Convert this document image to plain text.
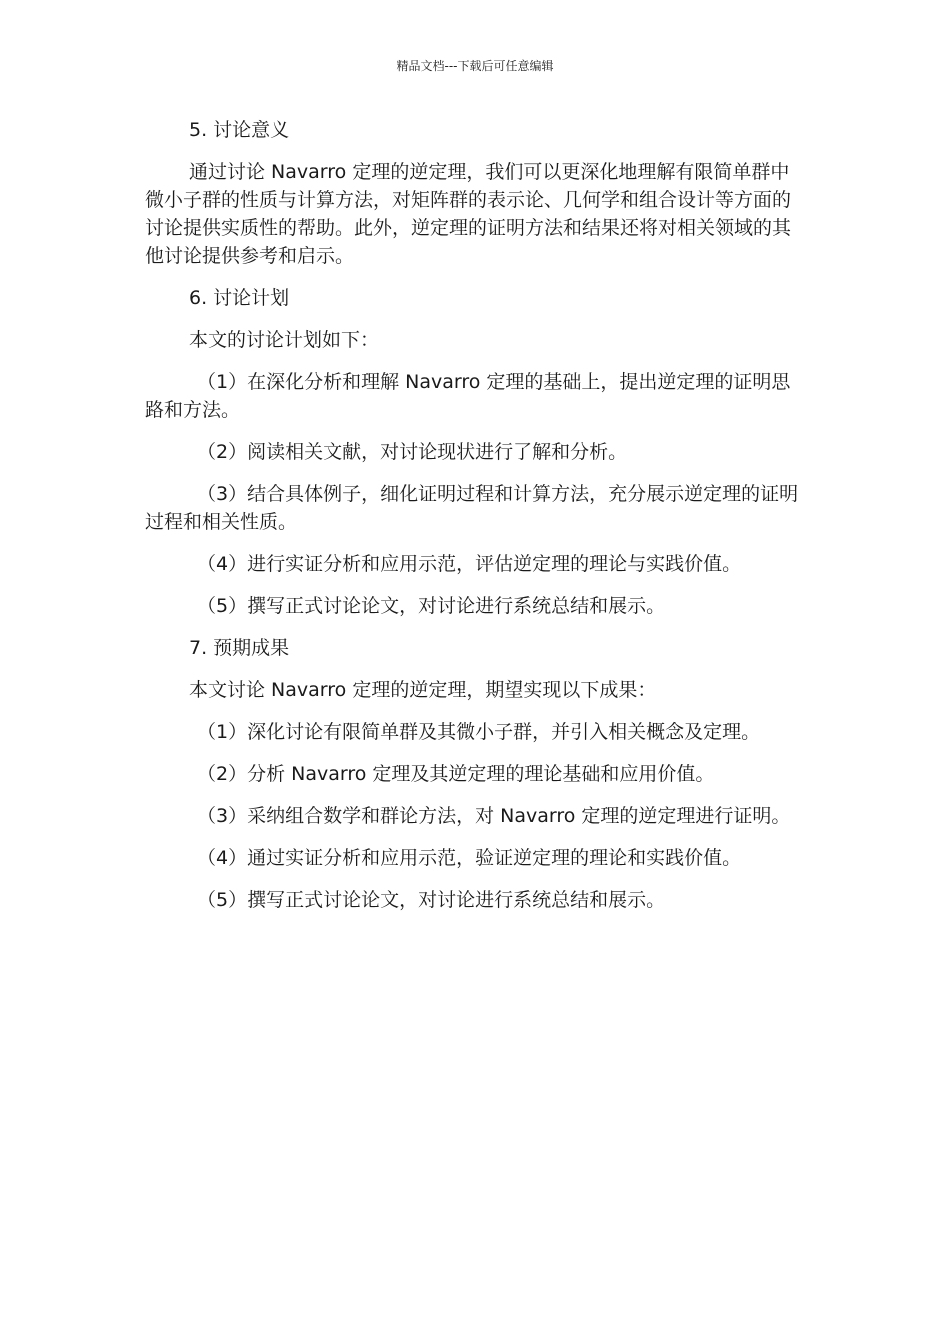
精品文档---下载后可任意编辑
5. 讨论意义
通过讨论 Navarro 定理的逆定理，我们可以更深化地理解有限简单群中微小子群的性质与计算方法，对矩阵群的表示论、几何学和组合设计等方面的讨论提供实质性的帮助。此外，逆定理的证明方法和结果还将对相关领域的其他讨论提供参考和启示。
6. 讨论计划
本文的讨论计划如下：
（1）在深化分析和理解 Navarro 定理的基础上，提出逆定理的证明思路和方法。
（2）阅读相关文献，对讨论现状进行了解和分析。
（3）结合具体例子，细化证明过程和计算方法，充分展示逆定理的证明过程和相关性质。
（4）进行实证分析和应用示范，评估逆定理的理论与实践价值。
（5）撰写正式讨论论文，对讨论进行系统总结和展示。
7. 预期成果
本文讨论 Navarro 定理的逆定理，期望实现以下成果：
（1）深化讨论有限简单群及其微小子群，并引入相关概念及定理。
（2）分析 Navarro 定理及其逆定理的理论基础和应用价值。
（3）采纳组合数学和群论方法，对 Navarro 定理的逆定理进行证明。
（4）通过实证分析和应用示范，验证逆定理的理论和实践价值。
（5）撰写正式讨论论文，对讨论进行系统总结和展示。
